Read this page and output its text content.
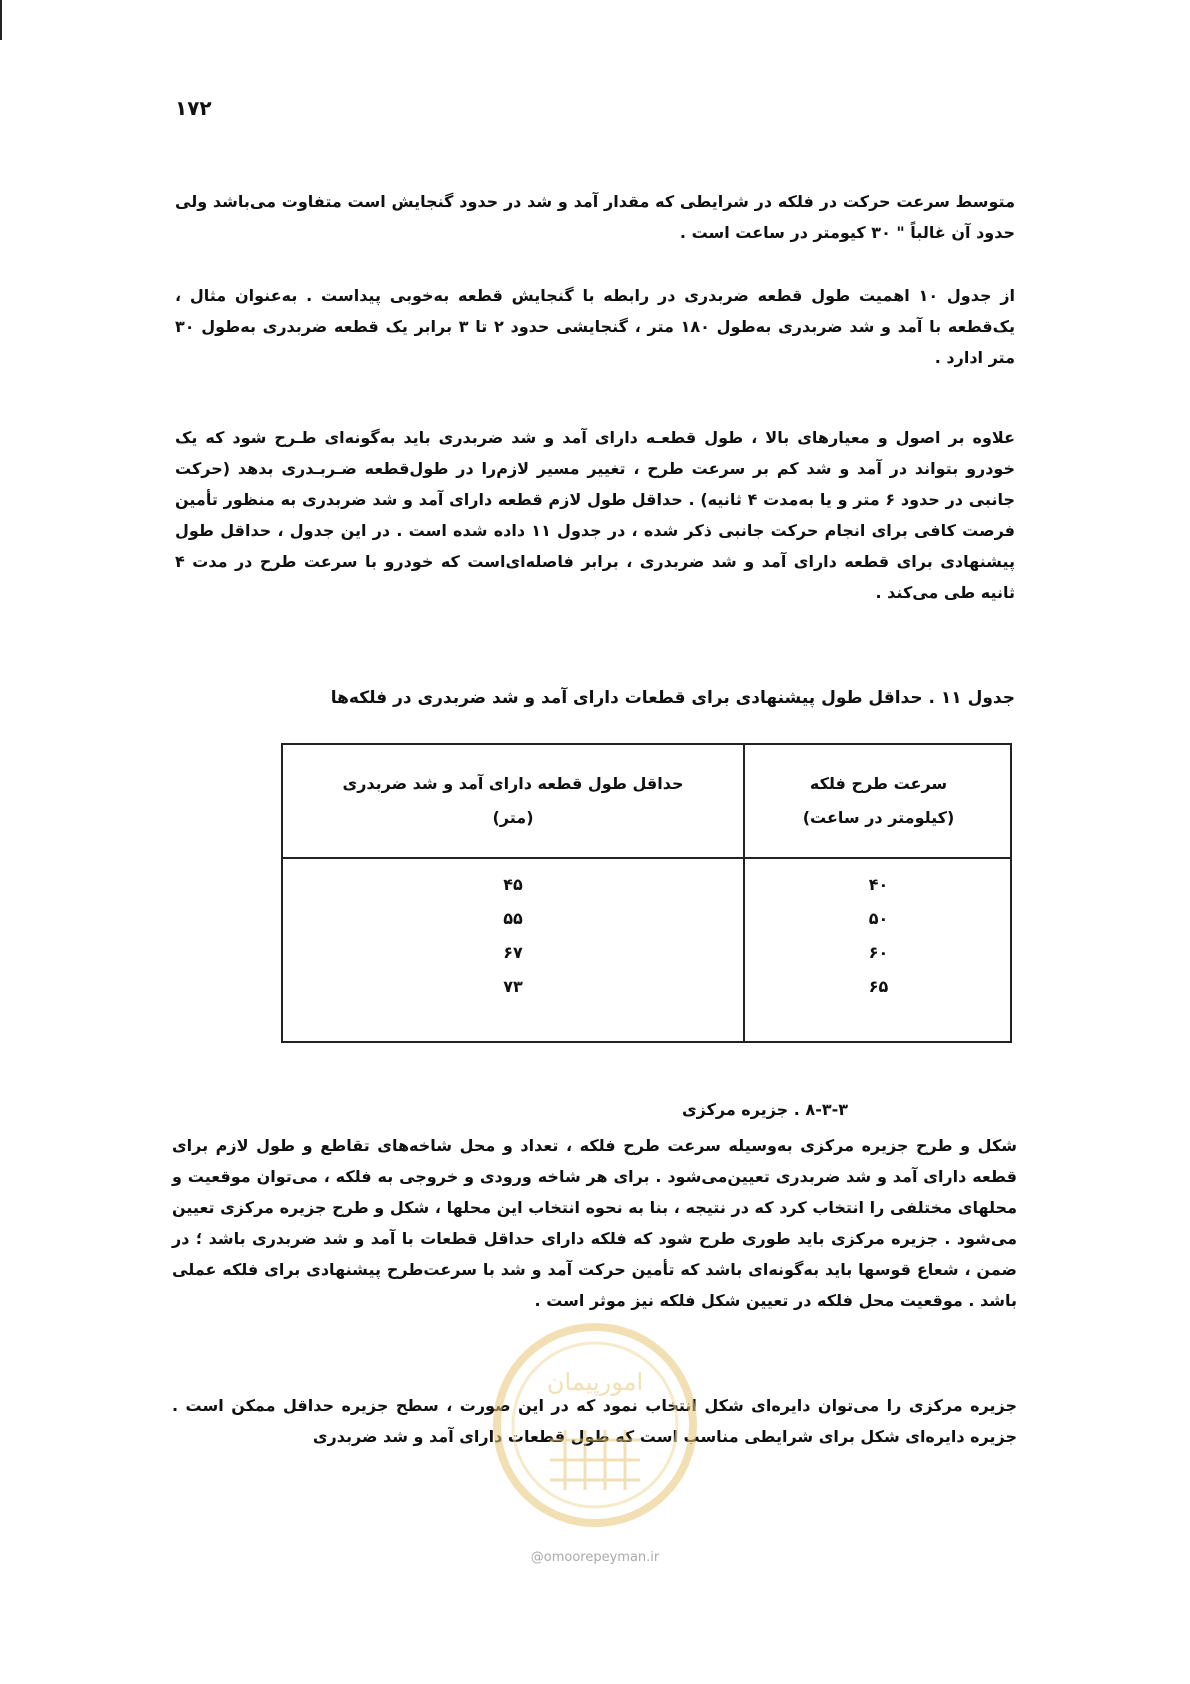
۱۷۲

متوسط سرعت حرکت در فلکه در شرایطی که مقدار آمد و شد در حدود گنجایش است متفاوت می‌باشد ولی حدود آن غالباً " ۳۰ کیومتر در ساعت است .

از جدول ۱۰ اهمیت طول قطعه ضربدری در رابطه با گنجایش قطعه به‌خوبی پیداست . به‌عنوان مثال ، یک‌قطعه با آمد و شد ضربدری به‌طول ۱۸۰ متر ، گنجایشی حدود ۲ تا ۳ برابر یک قطعه ضربدری به‌طول ۳۰ متر ادارد .

علاوه بر اصول و معیارهای بالا ، طول قطعـه دارای آمد و شد ضربدری باید به‌گونه‌ای طـرح شود که یک خودرو بتواند در آمد و شد کم بر سرعت طرح ، تغییر مسیر لازم‌را در طول‌قطعه ضـربـدری بدهد (حرکت جانبی در حدود ۶ متر و یا به‌مدت ۴ ثانیه) . حداقل طول لازم قطعه دارای آمد و شد ضربدری به منظور تأمین فرصت کافی برای انجام حرکت جانبی ذکر شده ، در جدول ۱۱ داده شده است . در این جدول ، حداقل طول پیشنهادی برای قطعه دارای آمد و شد ضربدری ، برابر فاصله‌ای‌است که خودرو با سرعت طرح در مدت ۴ ثانیه طی می‌کند .

جدول ۱۱ . حداقل طول پیشنهادی برای قطعات دارای آمد و شد ضربدری در فلکه‌ها
سرعت طرح فلکه
(کیلومتر در ساعت)
حداقل طول قطعه دارای آمد و شد ضربدری
(متر)
۴۰
۴۵
۵۰
۵۵
۶۰
۶۷
۶۵
۷۳
۸-۳-۳ . جزیره مرکزی

شکل و طرح جزیره مرکزی به‌وسیله سرعت طرح فلکه ، تعداد و محل شاخه‌های تقاطع و طول لازم برای قطعه دارای آمد و شد ضربدری تعیین‌می‌شود . برای هر شاخه ورودی و خروجی به فلکه ، می‌توان موقعیت و محلهای مختلفی را انتخاب کرد که در نتیجه ، بنا به نحوه انتخاب این محلها ، شکل و طرح جزیره مرکزی تعیین می‌شود . جزیره مرکزی باید طوری طرح شود که فلکه دارای حداقل قطعات با آمد و شد ضربدری باشد ؛ در ضمن ، شعاع قوسها باید به‌گونه‌ای باشد که تأمین حرکت آمد و شد با سرعت‌طرح پیشنهادی برای فلکه عملی باشد . موقعیت محل فلکه در تعیین شکل فلکه نیز موثر است .

جزیره مرکزی را می‌توان دایره‌ای شکل انتخاب نمود که در این صورت ، سطح جزیره حداقل ممکن است . جزیره دایره‌ای شکل برای شرایطی مناسب است که طول قطعات دارای آمد و شد ضربدری

امورپیمان
@omoorepeyman.ir
